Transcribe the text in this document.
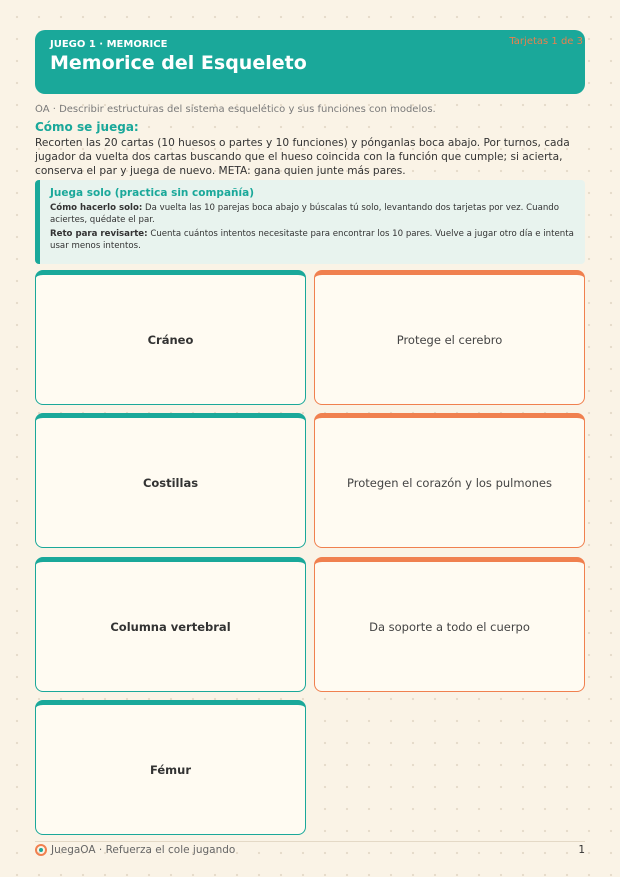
JUEGO 1 · MEMORICE
Memorice del Esqueleto
Tarjetas 1 de 3
OA · Describir estructuras del sistema esquelético y sus funciones con modelos.
Cómo se juega:
Recorten las 20 cartas (10 huesos o partes y 10 funciones) y pónganlas boca abajo. Por turnos, cada jugador da vuelta dos cartas buscando que el hueso coincida con la función que cumple; si acierta, conserva el par y juega de nuevo. META: gana quien junte más pares.
Juega solo (practica sin compañía)

Cómo hacerlo solo: Da vuelta las 10 parejas boca abajo y búscalas tú solo, levantando dos tarjetas por vez. Cuando aciertes, quédate el par.

Reto para revisarte: Cuenta cuántos intentos necesitaste para encontrar los 10 pares. Vuelve a jugar otro día e intenta usar menos intentos.

Cráneo	Protege el cerebro
Costillas	Protegen el corazón y los pulmones
Columna vertebral	Da soporte a todo el cuerpo
Fémur
JuegaOA · Refuerza el cole jugando	1
